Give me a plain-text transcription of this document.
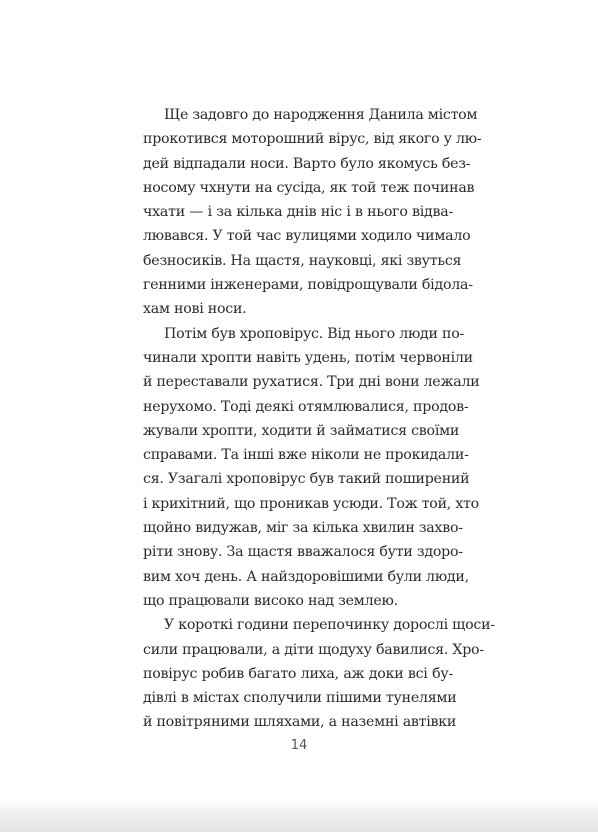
Ще задовго до народження Данила містом
прокотився моторошний вірус, від якого у лю-
дей відпадали носи. Варто було якомусь без-
носому чхнути на сусіда, як той теж починав
чхати — і за кілька днів ніс і в нього відва-
лювався. У той час вулицями ходило чимало
безносиків. На щастя, науковці, які звуться
генними інженерами, повідрощували бідола-
хам нові носи.
Потім був хроповірус. Від нього люди по-
чинали хропти навіть удень, потім червоніли
й переставали рухатися. Три дні вони лежали
нерухомо. Тоді деякі отямлювалися, продов-
жували хропти, ходити й займатися своїми
справами. Та інші вже ніколи не прокидали-
ся. Узагалі хроповірус був такий поширений
і крихітний, що проникав усюди. Тож той, хто
щойно видужав, міг за кілька хвилин захво-
ріти знову. За щастя вважалося бути здоро-
вим хоч день. А найздоровішими були люди,
що працювали високо над землею.
У короткі години перепочинку дорослі щоси-
сили працювали, а діти щодуху бавилися. Хро-
повірус робив багато лиха, аж доки всі бу-
дівлі в містах сполучили пішими тунелями
й повітряними шляхами, а наземні автівки
14
